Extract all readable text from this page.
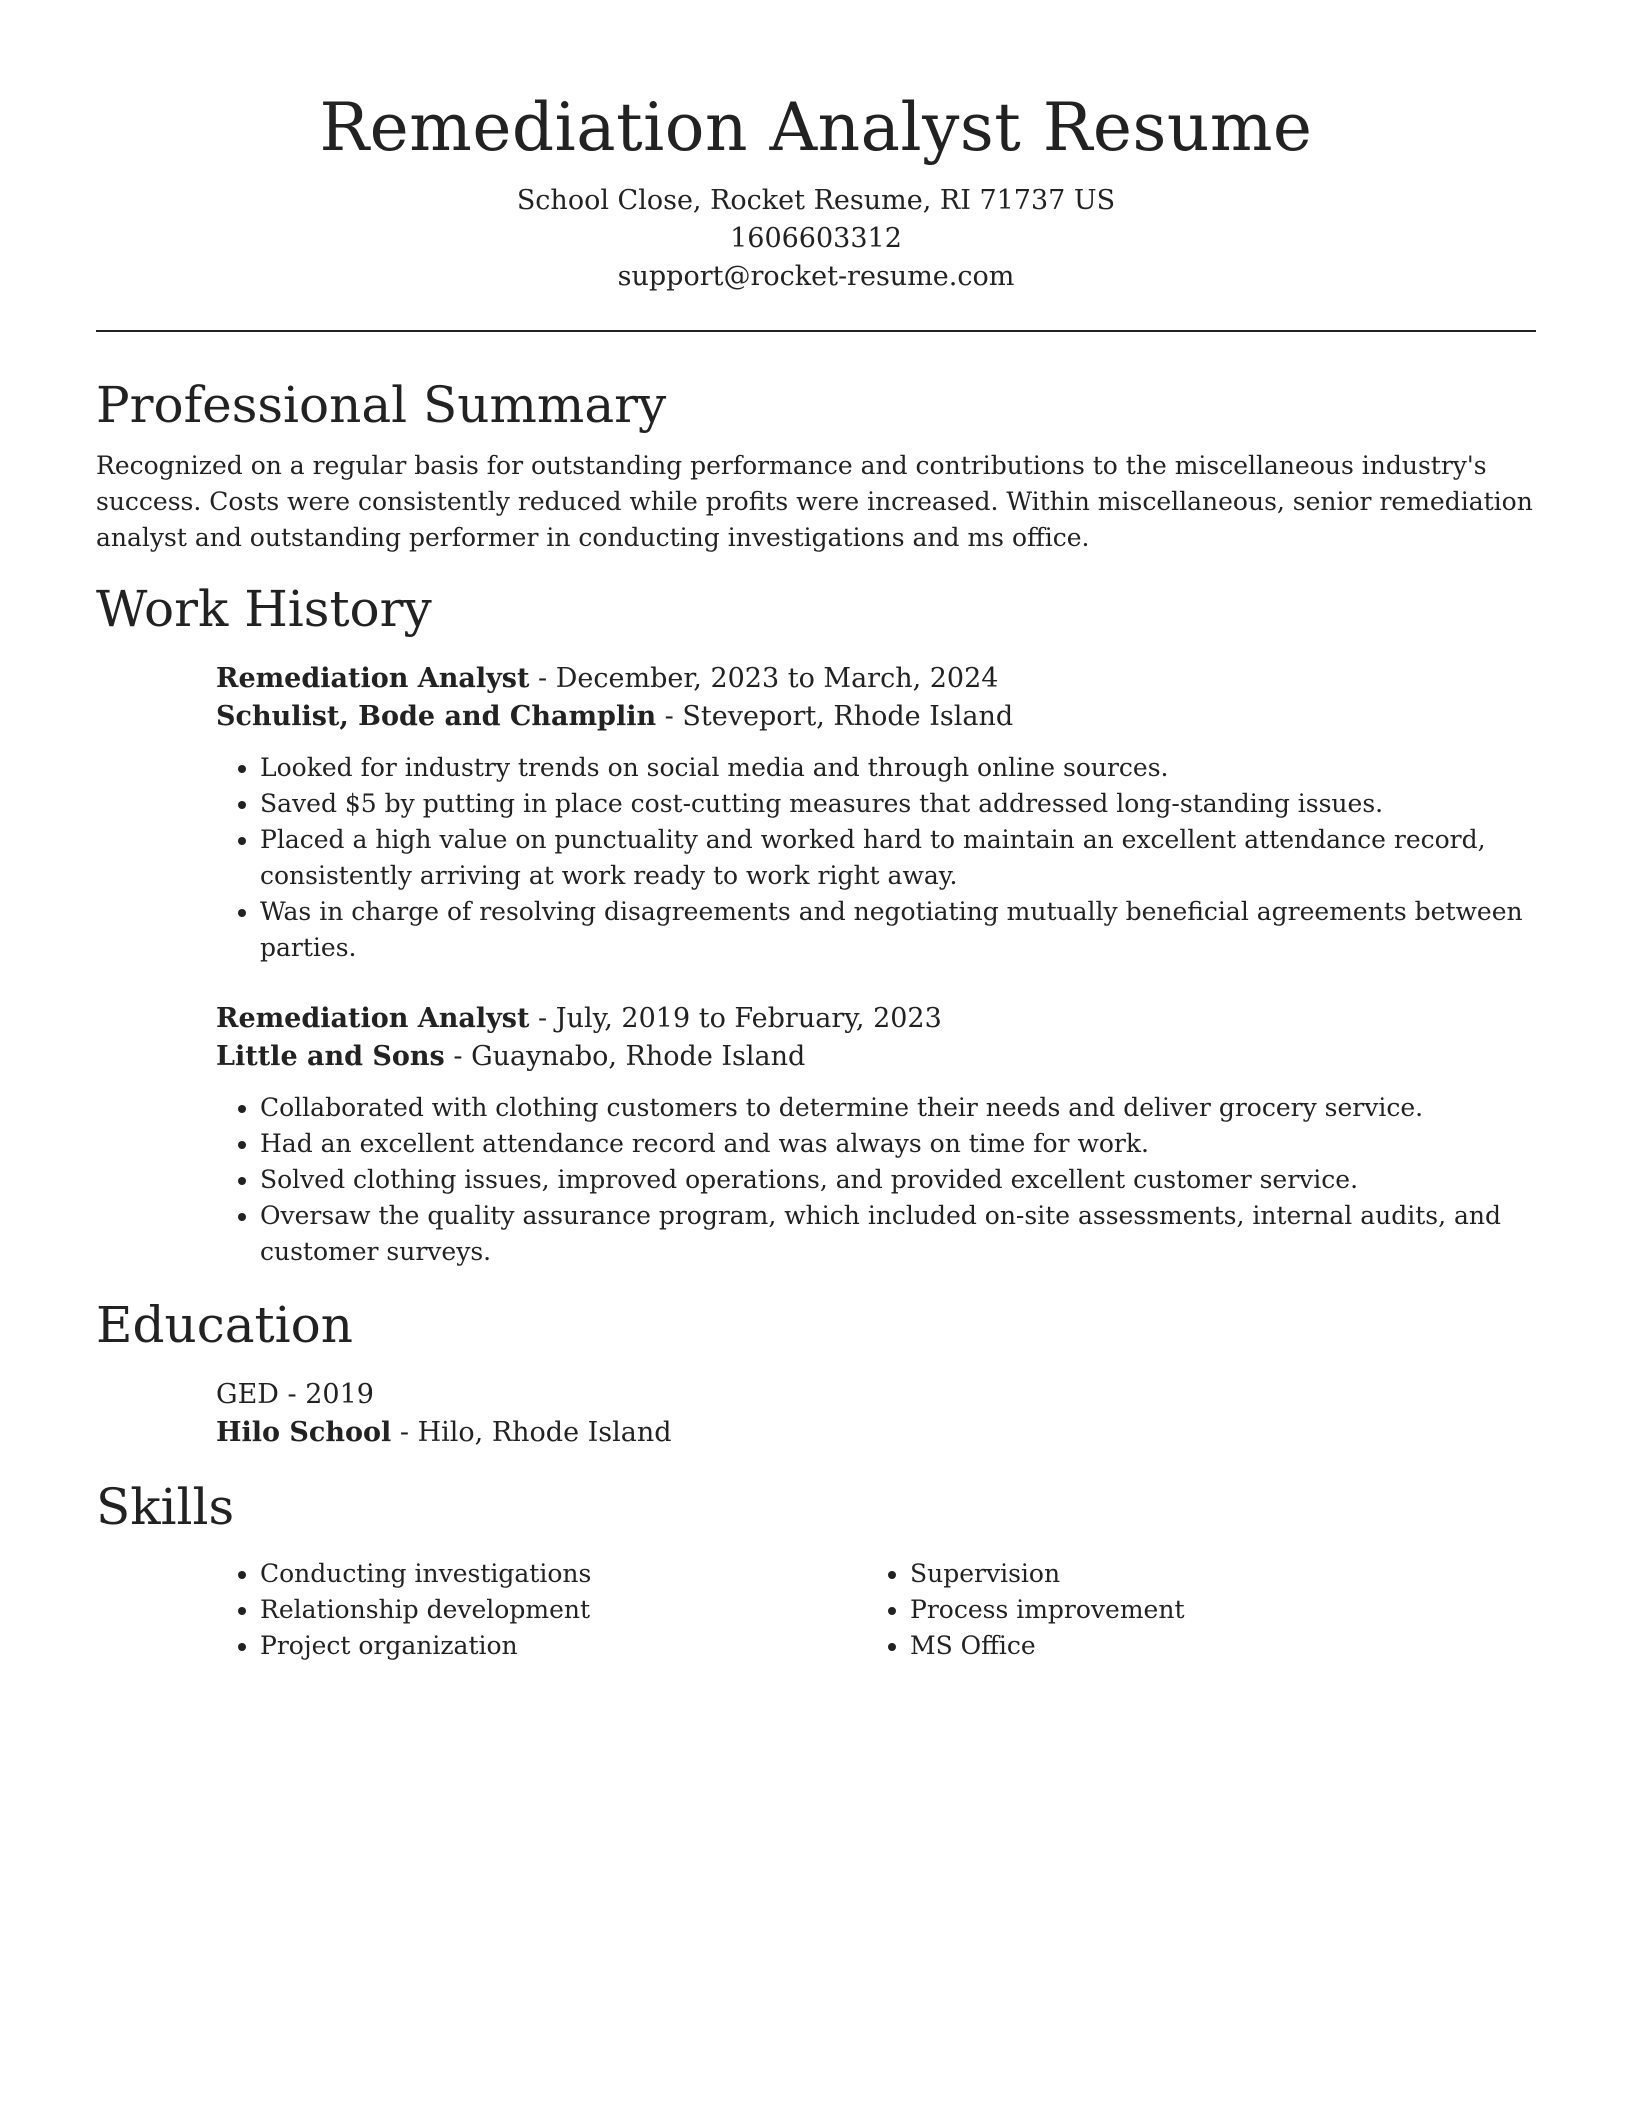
Remediation Analyst Resume
School Close, Rocket Resume, RI 71737 US
1606603312
support@rocket-resume.com
Professional Summary

Recognized on a regular basis for outstanding performance and contributions to the miscellaneous industry's success. Costs were consistently reduced while profits were increased. Within miscellaneous, senior remediation analyst and outstanding performer in conducting investigations and ms office.

Work History
Remediation Analyst - December, 2023 to March, 2024
Schulist, Bode and Champlin - Steveport, Rhode Island
• Looked for industry trends on social media and through online sources.
• Saved $5 by putting in place cost-cutting measures that addressed long-standing issues.
• Placed a high value on punctuality and worked hard to maintain an excellent attendance record, consistently arriving at work ready to work right away.
• Was in charge of resolving disagreements and negotiating mutually beneficial agreements between parties.
Remediation Analyst - July, 2019 to February, 2023
Little and Sons - Guaynabo, Rhode Island
• Collaborated with clothing customers to determine their needs and deliver grocery service.
• Had an excellent attendance record and was always on time for work.
• Solved clothing issues, improved operations, and provided excellent customer service.
• Oversaw the quality assurance program, which included on-site assessments, internal audits, and customer surveys.
Education
GED - 2019
Hilo School - Hilo, Rhode Island
Skills
• Conducting investigations
• Relationship development
• Project organization
• Supervision
• Process improvement
• MS Office
